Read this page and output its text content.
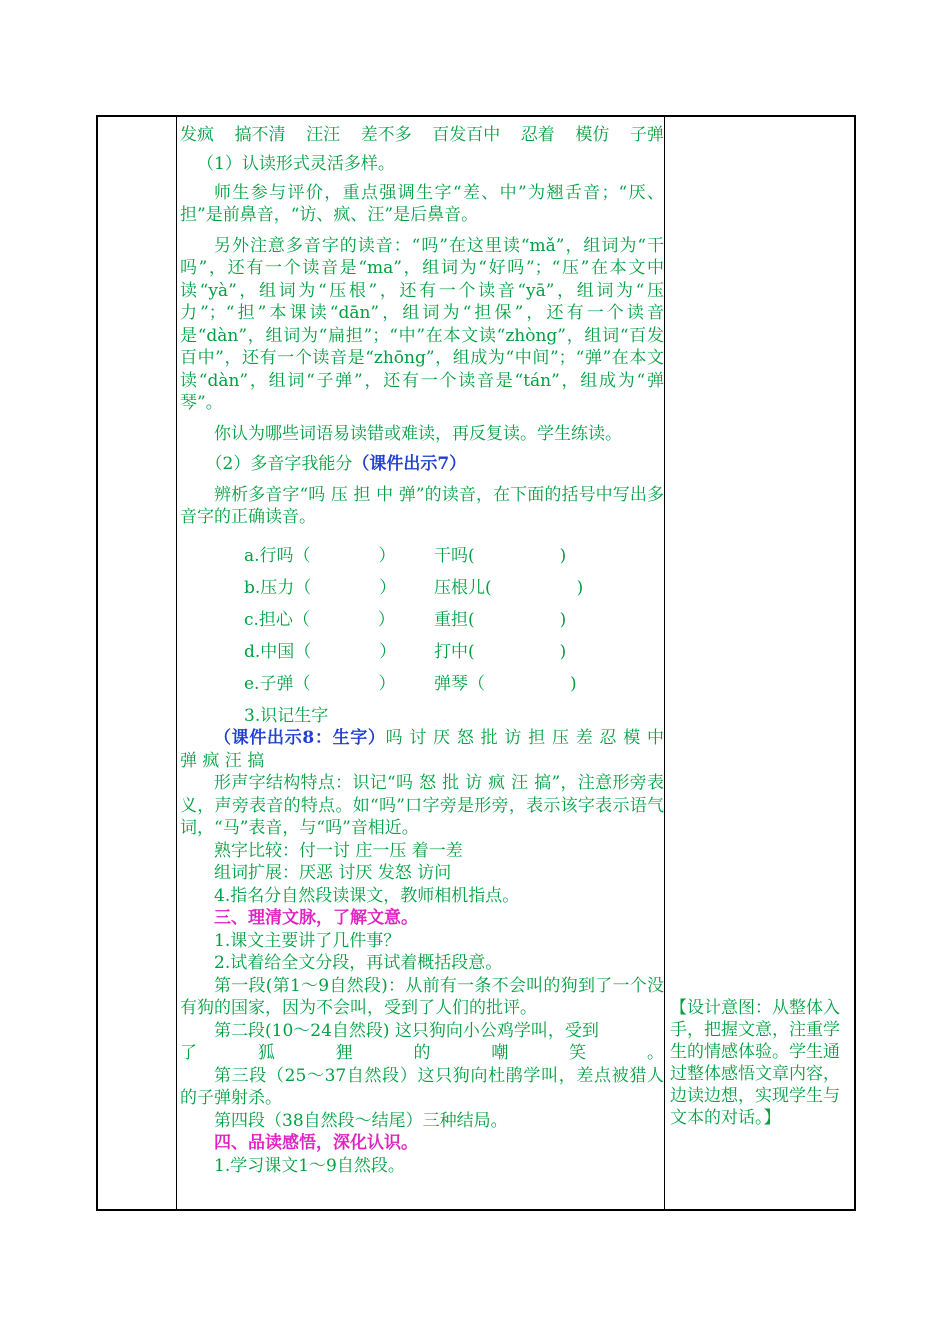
发疯 搞不清 汪汪 差不多 百发百中 忍着 模仿 子弹

（1）认读形式灵活多样。

师生参与评价，重点强调生字“差、中”为翘舌音；“厌、担”是前鼻音，“访、疯、汪”是后鼻音。

另外注意多音字的读音：“吗”在这里读“mǎ”，组词为“干吗”，还有一个读音是“ma”，组词为“好吗”；“压”在本文中读“yà”，组词为“压根”，还有一个读音“yā”，组词为“压力”；“担”本课读“dān”，组词为“担保”，还有一个读音是“dàn”，组词为“扁担”；“中”在本文读“zhòng”，组词“百发百中”，还有一个读音是“zhōng”，组成为“中间”；“弹”在本文读“dàn”，组词“子弹”，还有一个读音是“tán”，组成为“弹琴”。

你认为哪些词语易读错或难读，再反复读。学生练读。

（2）多音字我能分（课件出示7）

辨析多音字“吗 压 担 中 弹”的读音，在下面的括号中写出多音字的正确读音。

a.行吗（　　　　）	干吗(　　　　　)
b.压力（　　　　）	压根儿(　　　　　)
c.担心（　　　　）	重担(　　　　　)
d.中国（　　　　）	打中(　　　　　)
e.子弹（　　　　）	弹琴（　　　　　)

3.识记生字

（课件出示8：生字）吗 讨 厌 怒 批 访 担 压 差 忍 模 中 弹 疯 汪 搞

形声字结构特点：识记“吗 怒 批 访 疯 汪 搞”，注意形旁表义，声旁表音的特点。如“吗”口字旁是形旁，表示该字表示语气词，“马”表音，与“吗”音相近。

熟字比较：付一讨 庄一压 着一差

组词扩展：厌恶 讨厌 发怒 访问

4.指名分自然段读课文，教师相机指点。

三、理清文脉，了解文意。

1.课文主要讲了几件事？

2.试着给全文分段，再试着概括段意。

第一段(第1～9自然段)：从前有一条不会叫的狗到了一个没有狗的国家，因为不会叫，受到了人们的批评。

第二段(10～24自然段) 这只狗向小公鸡学叫，受到

了	狐	狸	的	嘲	笑	。

第三段（25～37自然段）这只狗向杜鹃学叫，差点被猎人的子弹射杀。

第四段（38自然段～结尾）三种结局。

四、品读感悟，深化认识。

1.学习课文1～9自然段。

【设计意图：从整体入手，把握文意，注重学生的情感体验。学生通过整体感悟文章内容，边读边想，实现学生与文本的对话。】
